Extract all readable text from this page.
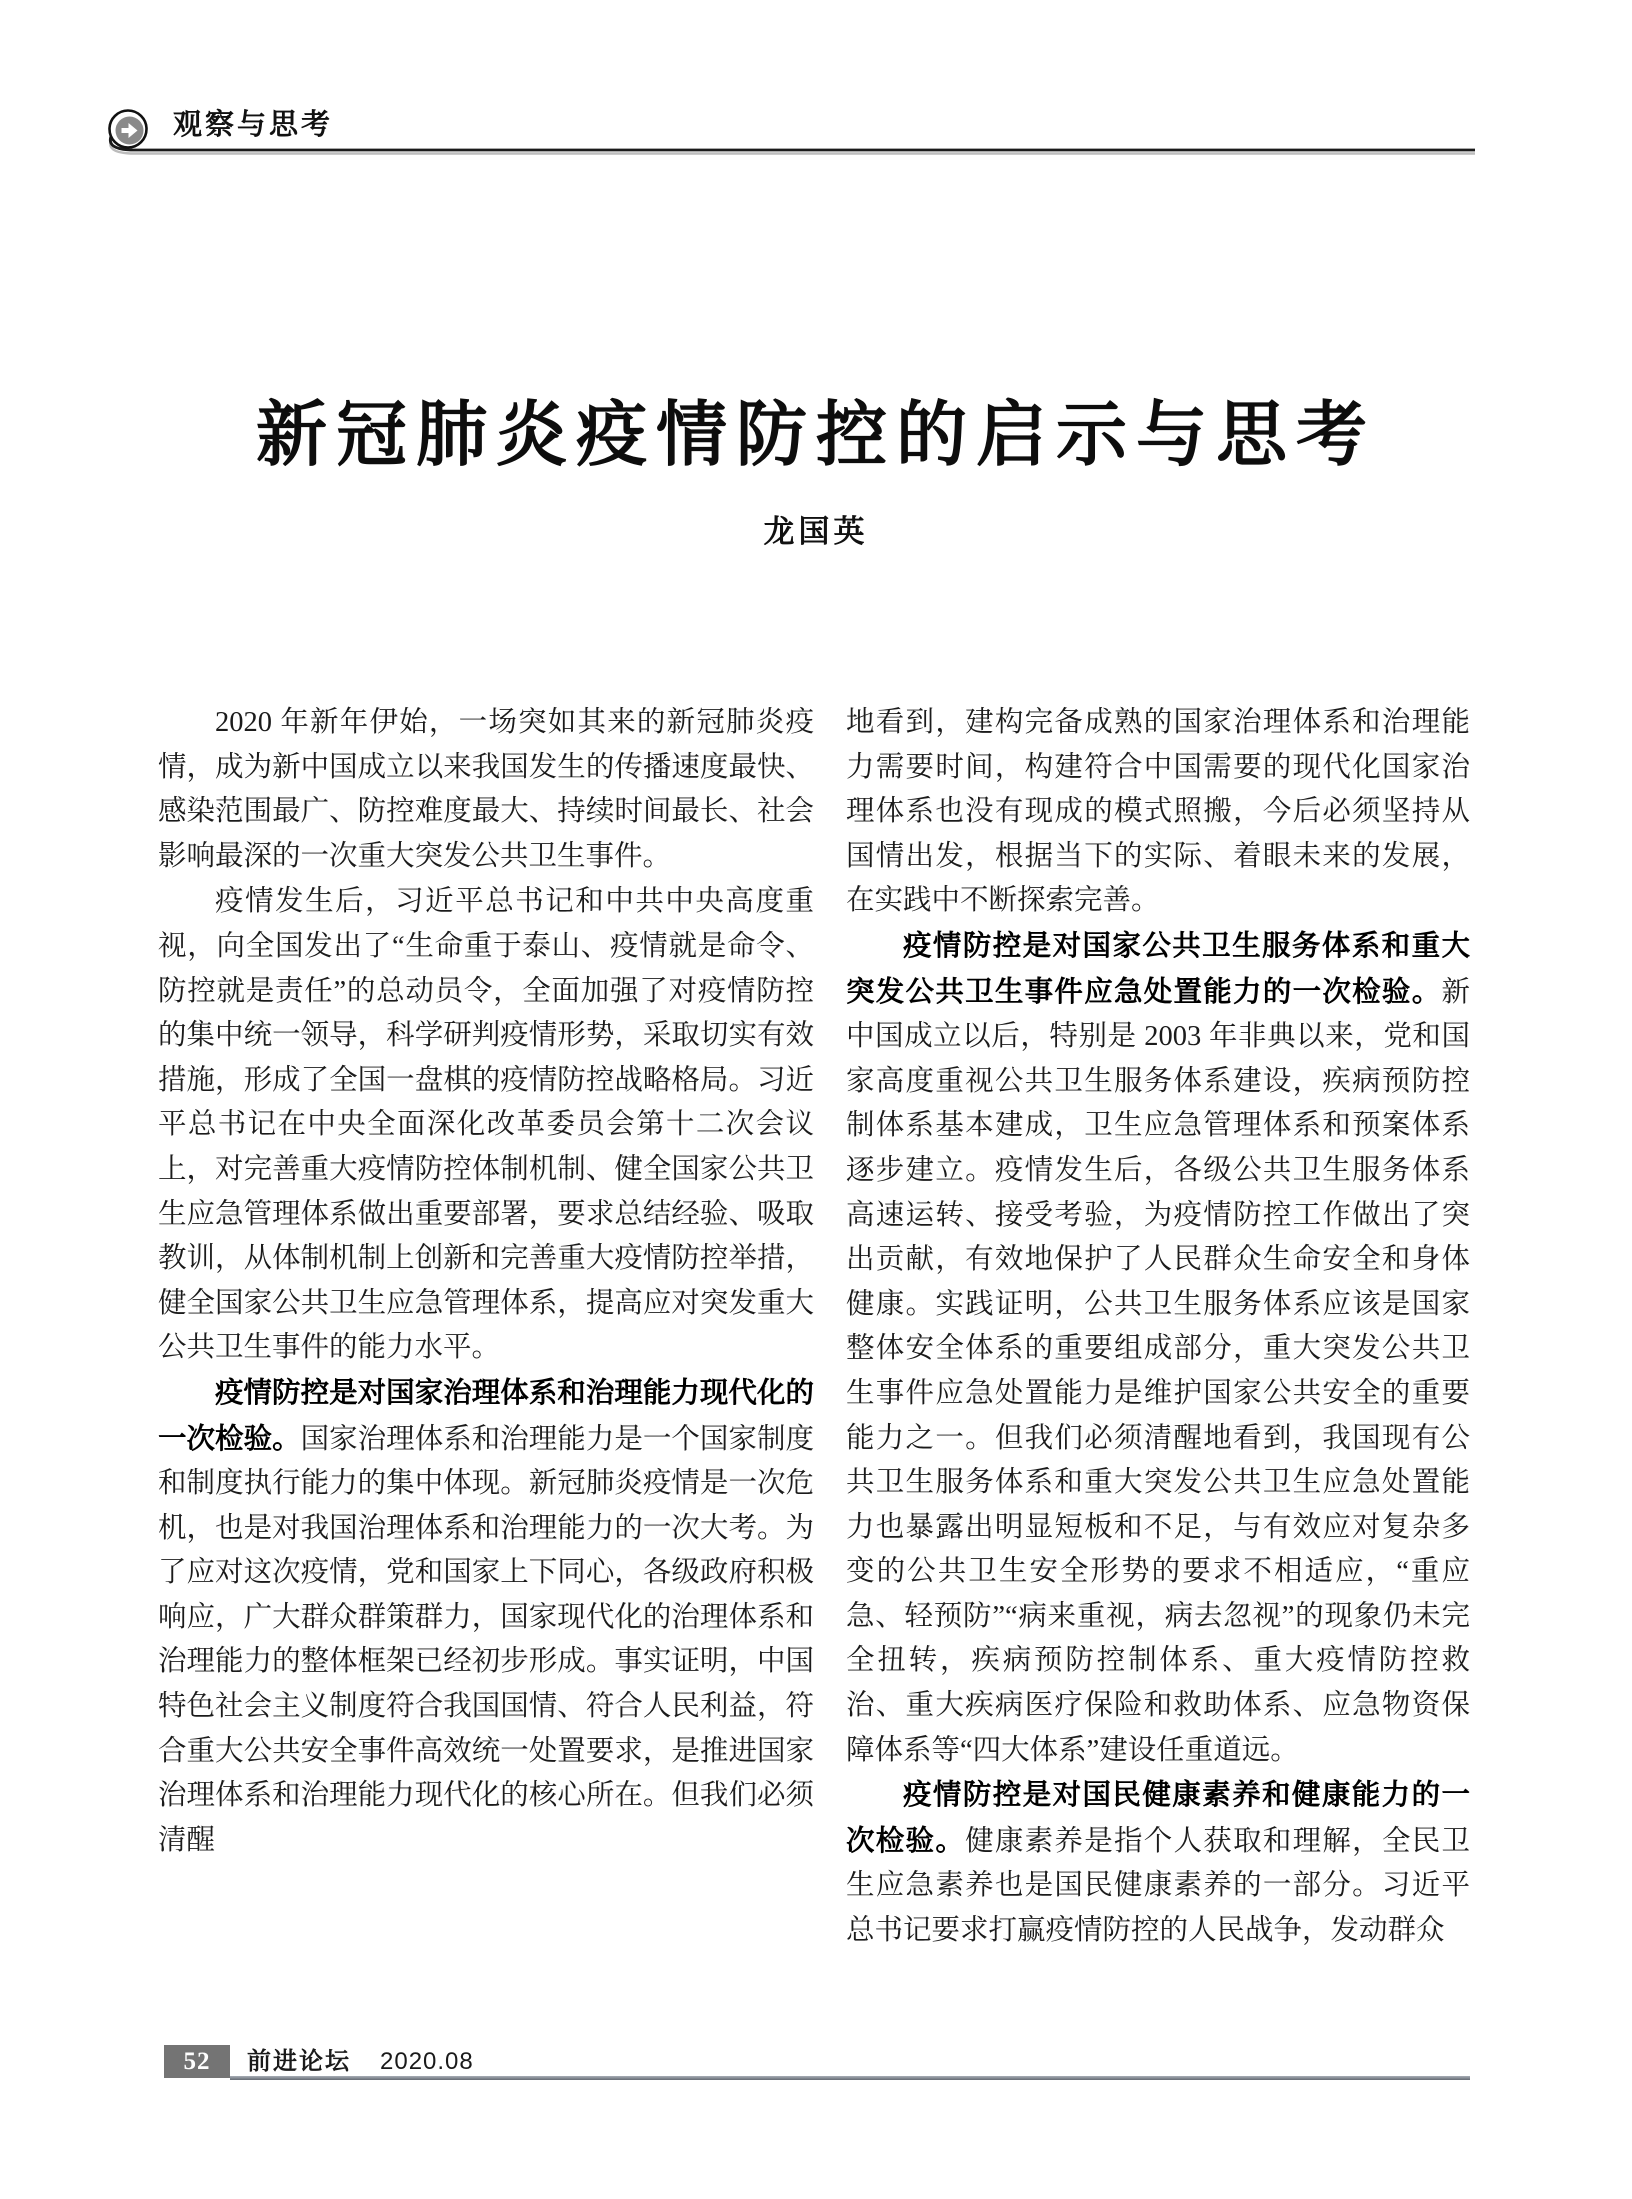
观察与思考
新冠肺炎疫情防控的启示与思考
龙国英

2020 年新年伊始，一场突如其来的新冠肺炎疫情，成为新中国成立以来我国发生的传播速度最快、感染范围最广、防控难度最大、持续时间最长、社会影响最深的一次重大突发公共卫生事件。

疫情发生后，习近平总书记和中共中央高度重视，向全国发出了“生命重于泰山、疫情就是命令、防控就是责任”的总动员令，全面加强了对疫情防控的集中统一领导，科学研判疫情形势，采取切实有效措施，形成了全国一盘棋的疫情防控战略格局。习近平总书记在中央全面深化改革委员会第十二次会议上，对完善重大疫情防控体制机制、健全国家公共卫生应急管理体系做出重要部署，要求总结经验、吸取教训，从体制机制上创新和完善重大疫情防控举措，健全国家公共卫生应急管理体系，提高应对突发重大公共卫生事件的能力水平。

疫情防控是对国家治理体系和治理能力现代化的一次检验。国家治理体系和治理能力是一个国家制度和制度执行能力的集中体现。新冠肺炎疫情是一次危机，也是对我国治理体系和治理能力的一次大考。为了应对这次疫情，党和国家上下同心，各级政府积极响应，广大群众群策群力，国家现代化的治理体系和治理能力的整体框架已经初步形成。事实证明，中国特色社会主义制度符合我国国情、符合人民利益，符合重大公共安全事件高效统一处置要求，是推进国家治理体系和治理能力现代化的核心所在。但我们必须清醒

地看到，建构完备成熟的国家治理体系和治理能力需要时间，构建符合中国需要的现代化国家治理体系也没有现成的模式照搬，今后必须坚持从国情出发，根据当下的实际、着眼未来的发展，在实践中不断探索完善。

疫情防控是对国家公共卫生服务体系和重大突发公共卫生事件应急处置能力的一次检验。新中国成立以后，特别是 2003 年非典以来，党和国家高度重视公共卫生服务体系建设，疾病预防控制体系基本建成，卫生应急管理体系和预案体系逐步建立。疫情发生后，各级公共卫生服务体系高速运转、接受考验，为疫情防控工作做出了突出贡献，有效地保护了人民群众生命安全和身体健康。实践证明，公共卫生服务体系应该是国家整体安全体系的重要组成部分，重大突发公共卫生事件应急处置能力是维护国家公共安全的重要能力之一。但我们必须清醒地看到，我国现有公共卫生服务体系和重大突发公共卫生应急处置能力也暴露出明显短板和不足，与有效应对复杂多变的公共卫生安全形势的要求不相适应，“重应急、轻预防”“病来重视，病去忽视”的现象仍未完全扭转，疾病预防控制体系、重大疫情防控救治、重大疾病医疗保险和救助体系、应急物资保障体系等“四大体系”建设任重道远。

疫情防控是对国民健康素养和健康能力的一次检验。健康素养是指个人获取和理解，全民卫生应急素养也是国民健康素养的一部分。习近平总书记要求打赢疫情防控的人民战争，发动群众

52	前进论坛 2020.08
